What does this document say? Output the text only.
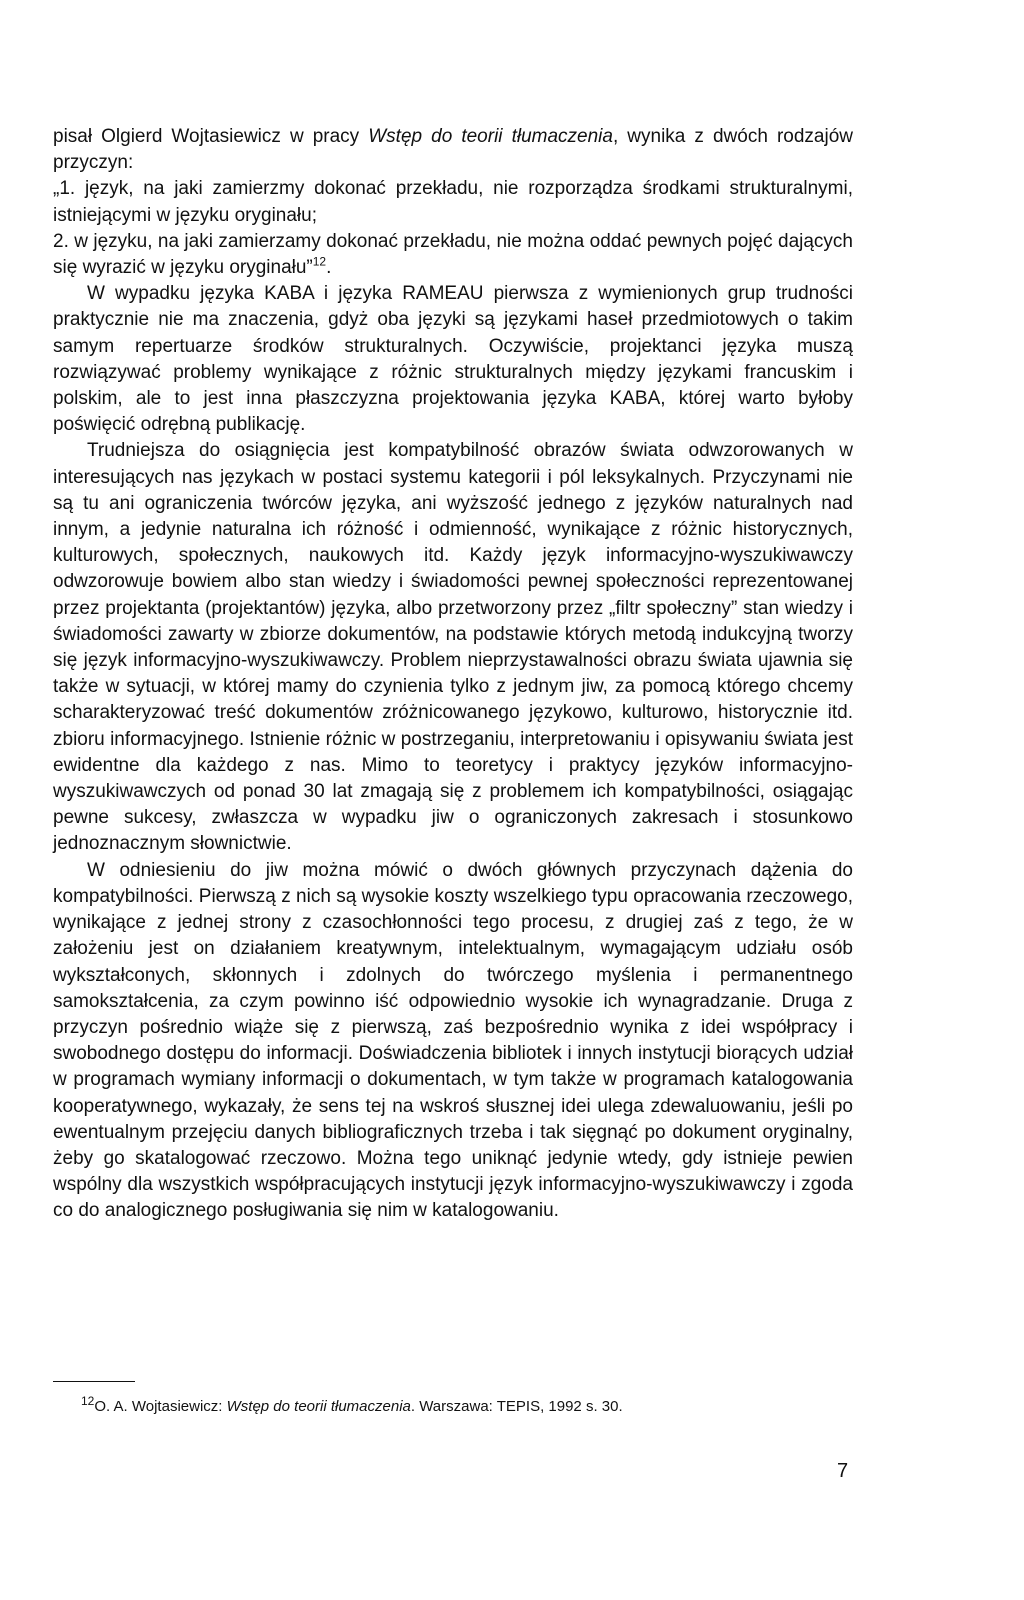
pisał Olgierd Wojtasiewicz w pracy Wstęp do teorii tłumaczenia, wynika z dwóch rodzajów przyczyn:

„1. język, na jaki zamierzmy dokonać przekładu, nie rozporządza środkami strukturalnymi, istniejącymi w języku oryginału;

2. w języku, na jaki zamierzamy dokonać przekładu, nie można oddać pewnych pojęć dających się wyrazić w języku oryginału”$^{12}$.

W wypadku języka KABA i języka RAMEAU pierwsza z wymienionych grup trudności praktycznie nie ma znaczenia, gdyż oba języki są językami haseł przedmiotowych o takim samym repertuarze środków strukturalnych. Oczywiście, projektanci języka muszą rozwiązywać problemy wynikające z różnic strukturalnych między językami francuskim i polskim, ale to jest inna płaszczyzna projektowania języka KABA, której warto byłoby poświęcić odrębną publikację.

Trudniejsza do osiągnięcia jest kompatybilność obrazów świata odwzorowanych w interesujących nas językach w postaci systemu kategorii i pól leksykalnych. Przyczynami nie są tu ani ograniczenia twórców języka, ani wyższość jednego z języków naturalnych nad innym, a jedynie naturalna ich różność i odmienność, wynikające z różnic historycznych, kulturowych, społecznych, naukowych itd. Każdy język informacyjno-wyszukiwawczy odwzorowuje bowiem albo stan wiedzy i świadomości pewnej społeczności reprezentowanej przez projektanta (projektantów) języka, albo przetworzony przez „filtr społeczny” stan wiedzy i świadomości zawarty w zbiorze dokumentów, na podstawie których metodą indukcyjną tworzy się język informacyjno-wyszukiwawczy. Problem nieprzystawalności obrazu świata ujawnia się także w sytuacji, w której mamy do czynienia tylko z jednym jiw, za pomocą którego chcemy scharakteryzować treść dokumentów zróżnicowanego językowo, kulturowo, historycznie itd. zbioru informacyjnego. Istnienie różnic w postrzeganiu, interpretowaniu i opisywaniu świata jest ewidentne dla każdego z nas. Mimo to teoretycy i praktycy języków informacyjno-wyszukiwawczych od ponad 30 lat zmagają się z problemem ich kompatybilności, osiągając pewne sukcesy, zwłaszcza w wypadku jiw o ograniczonych zakresach i stosunkowo jednoznacznym słownictwie.

W odniesieniu do jiw można mówić o dwóch głównych przyczynach dążenia do kompatybilności. Pierwszą z nich są wysokie koszty wszelkiego typu opracowania rzeczowego, wynikające z jednej strony z czasochłonności tego procesu, z drugiej zaś z tego, że w założeniu jest on działaniem kreatywnym, intelektualnym, wymagającym udziału osób wykształconych, skłonnych i zdolnych do twórczego myślenia i permanentnego samokształcenia, za czym powinno iść odpowiednio wysokie ich wynagradzanie. Druga z przyczyn pośrednio wiąże się z pierwszą, zaś bezpośrednio wynika z idei współpracy i swobodnego dostępu do informacji. Doświadczenia bibliotek i innych instytucji biorących udział w programach wymiany informacji o dokumentach, w tym także w programach katalogowania kooperatywnego, wykazały, że sens tej na wskroś słusznej idei ulega zdewaluowaniu, jeśli po ewentualnym przejęciu danych bibliograficznych trzeba i tak sięgnąć po dokument oryginalny, żeby go skatalogować rzeczowo. Można tego uniknąć jedynie wtedy, gdy istnieje pewien wspólny dla wszystkich współpracujących instytucji język informacyjno-wyszukiwawczy i zgoda co do analogicznego posługiwania się nim w katalogowaniu.

$^{12}$O. A. Wojtasiewicz: Wstęp do teorii tłumaczenia. Warszawa: TEPIS, 1992 s. 30.

7
